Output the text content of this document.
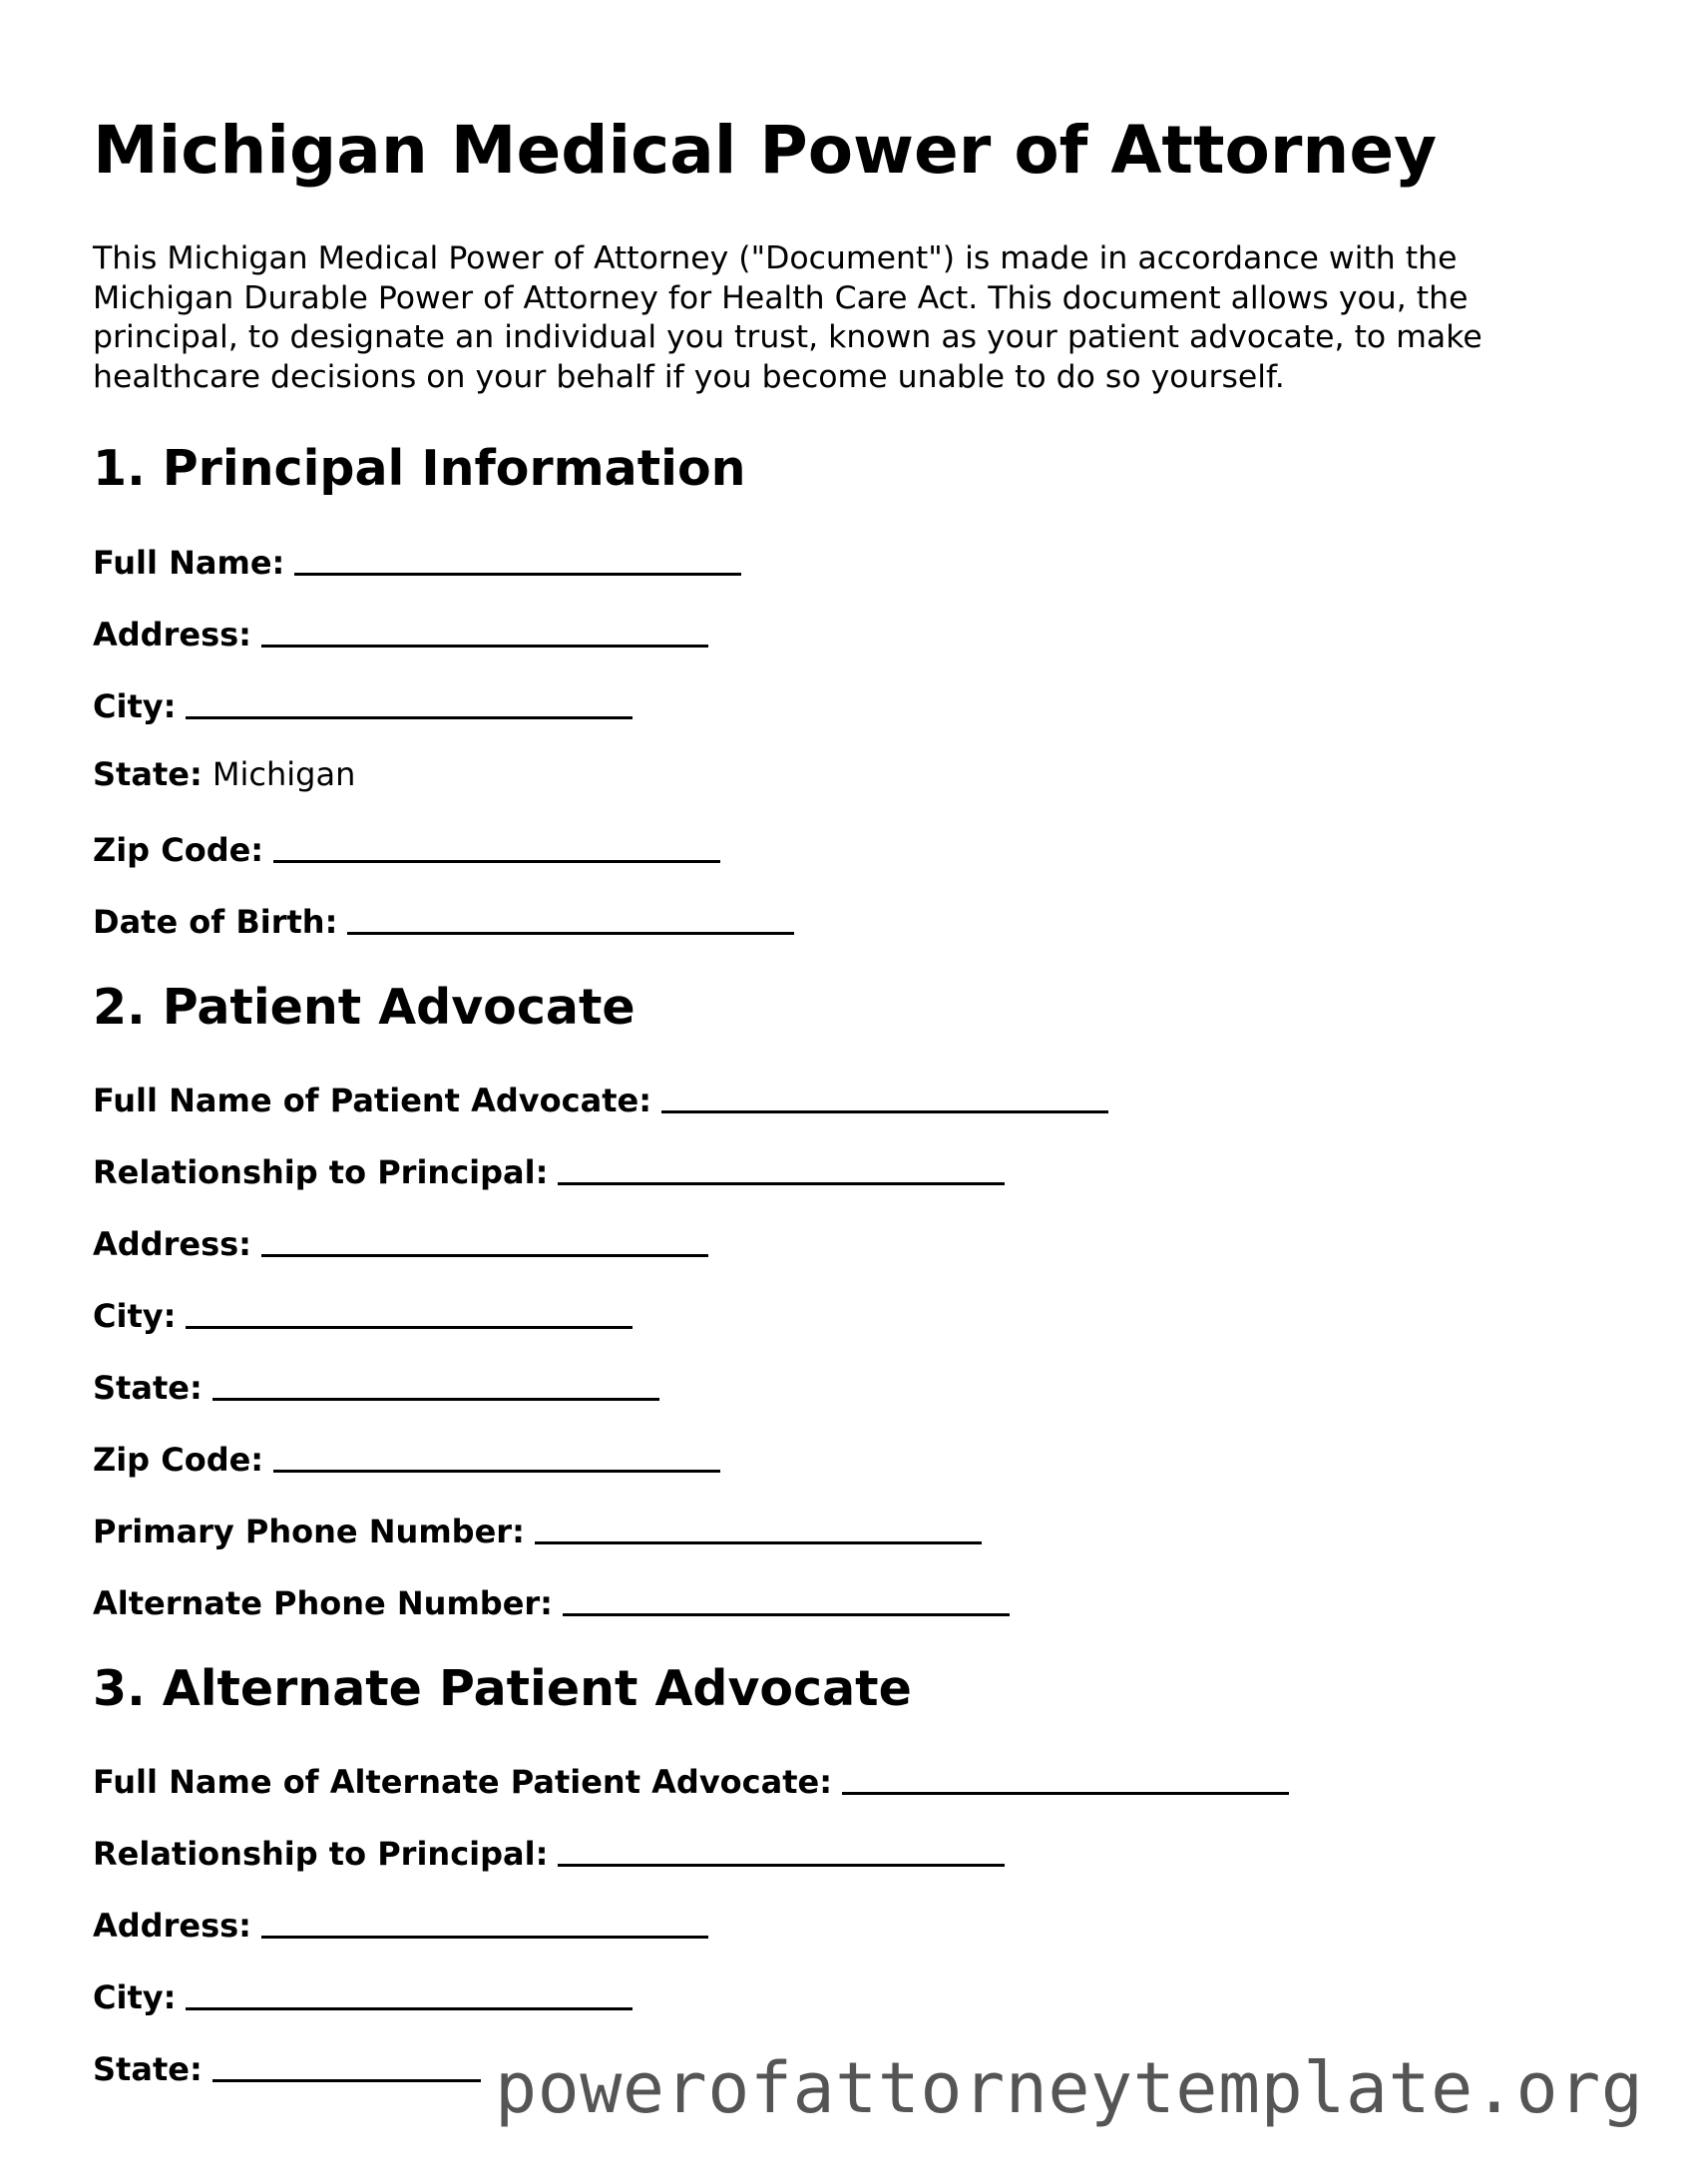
Michigan Medical Power of Attorney

This Michigan Medical Power of Attorney ("Document") is made in accordance with the
Michigan Durable Power of Attorney for Health Care Act. This document allows you, the
principal, to designate an individual you trust, known as your patient advocate, to make
healthcare decisions on your behalf if you become unable to do so yourself.

1. Principal Information
Full Name:
Address:
City:
State: Michigan
Zip Code:
Date of Birth:
2. Patient Advocate
Full Name of Patient Advocate:
Relationship to Principal:
Address:
City:
State:
Zip Code:
Primary Phone Number:
Alternate Phone Number:
3. Alternate Patient Advocate
Full Name of Alternate Patient Advocate:
Relationship to Principal:
Address:
City:
State:	powerofattorneytemplate.org
